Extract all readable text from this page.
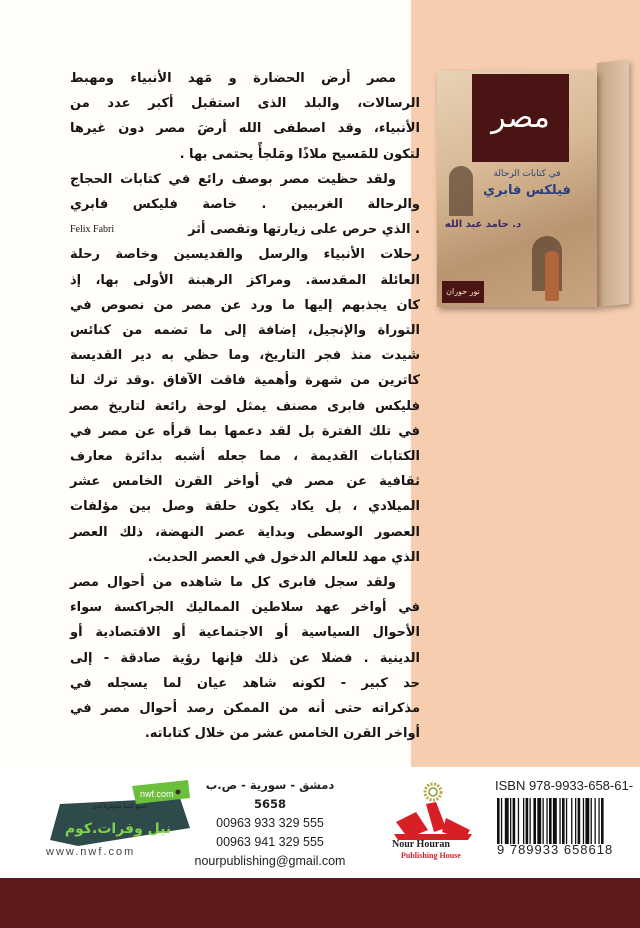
مصر أرض الحضارة و مَهد الأنبياء ومهبط
الرسالات، والبلد الذى استقبل أكبر عدد من
الأنبياء، وقد اصطفى الله أرضَ مصر دون غيرها
لتكون للمَسيح ملاذًا ومَلجأً يحتمى بها .
ولقد حظيت مصر بوصف رائع في كتابات الحجاج
والرحالة الغربيين . خاصة فليكس فابري
. الذي حرص على زيارتها وتقصى أثر
Felix Fabri
رحلات الأنبياء والرسل والقديسين وخاصة رحلة
العائلة المقدسة. ومراكز الرهبنة الأولى بها، إذ
كان يجذبهم إليها ما ورد عن مصر من نصوص في
التوراة والإنجيل، إضافة إلى ما تضمه من كنائس
شيدت منذ فجر التاريخ، وما حظي به دير القديسة
كاترين من شهرة وأهمية فاقت الآفاق .وقد ترك لنا
فليكس فابرى مصنف يمثل لوحة رائعة لتاريخ مصر
في تلك الفترة بل لقد دعمها بما قرأه عن مصر في
الكتابات القديمة ، مما جعله أشبه بدائرة معارف
ثقافية عن مصر في أواخر القرن الخامس عشر
الميلادي ، بل يكاد يكون حلقة وصل بين مؤلفات
العصور الوسطى وبداية عصر النهضة، ذلك العصر
الذي مهد للعالم الدخول في العصر الحديث.
ولقد سجل فابرى كل ما شاهده من أحوال مصر
في أواخر عهد سلاطين المماليك الجراكسة سواء
الأحوال السياسية أو الاجتماعية أو الاقتصادية أو
الدينية . فضلا عن ذلك فإنها رؤية صادقة - إلى
حد كبير - لكونه شاهد عيان لما يسجله في
مذكراته حتى أنه من الممكن رصد أحوال مصر في
أواخر القرن الخامس عشر من خلال كتاباته.
مصر
في كتابات الرحالة
فيلكس فابري
د. حامد عبد الله
نور حوران
ISBN 978-9933-658-61-
9 789933 658618
Nour Houran
Publishing House
دمشق - سورية - ص.ب 5658
00963 933 329 555
00963 941 329 555
nourpublishing@gmail.com
nwf.com
جميع كتبنا متوفرة لدى
نيل وفرات.كوم
www.nwf.com
